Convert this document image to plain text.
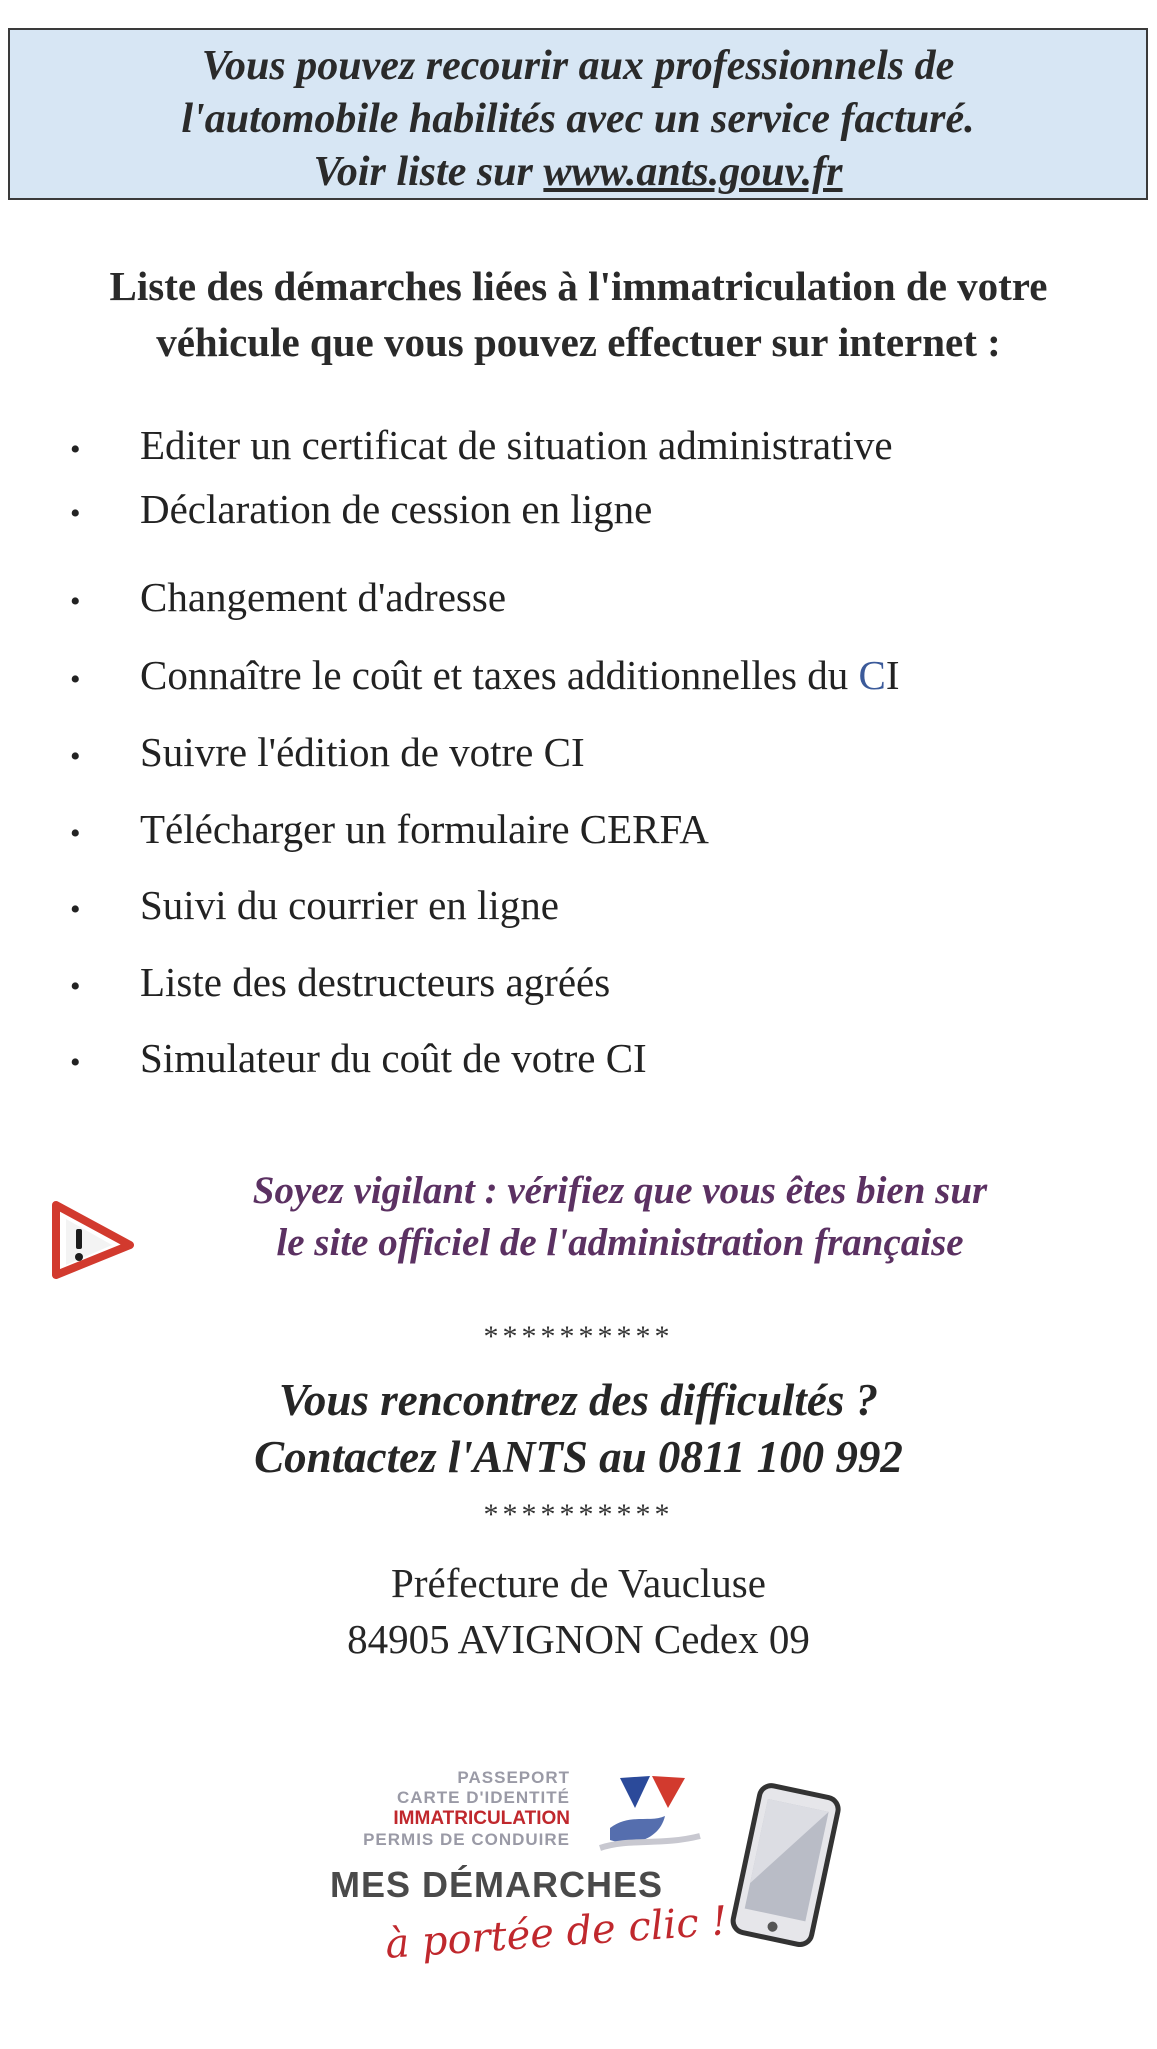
Vous pouvez recourir aux professionnels de
l'automobile habilités avec un service facturé.
Voir liste sur www.ants.gouv.fr
Liste des démarches liées à l'immatriculation de votre
véhicule que vous pouvez effectuer sur internet :
• Editer un certificat de situation administrative
• Déclaration de cession en ligne
• Changement d'adresse
• Connaître le coût et taxes additionnelles du CI
• Suivre l'édition de votre CI
• Télécharger un formulaire CERFA
• Suivi du courrier en ligne
• Liste des destructeurs agréés
• Simulateur du coût de votre CI
Soyez vigilant : vérifiez que vous êtes bien sur
le site officiel de l'administration française
**********
Vous rencontrez des difficultés ?
Contactez l'ANTS au 0811 100 992
**********
Préfecture de Vaucluse
84905 AVIGNON Cedex 09
PASSEPORT
CARTE D'IDENTITÉ
IMMATRICULATION
PERMIS DE CONDUIRE
MES DÉMARCHES
à portée de clic !
